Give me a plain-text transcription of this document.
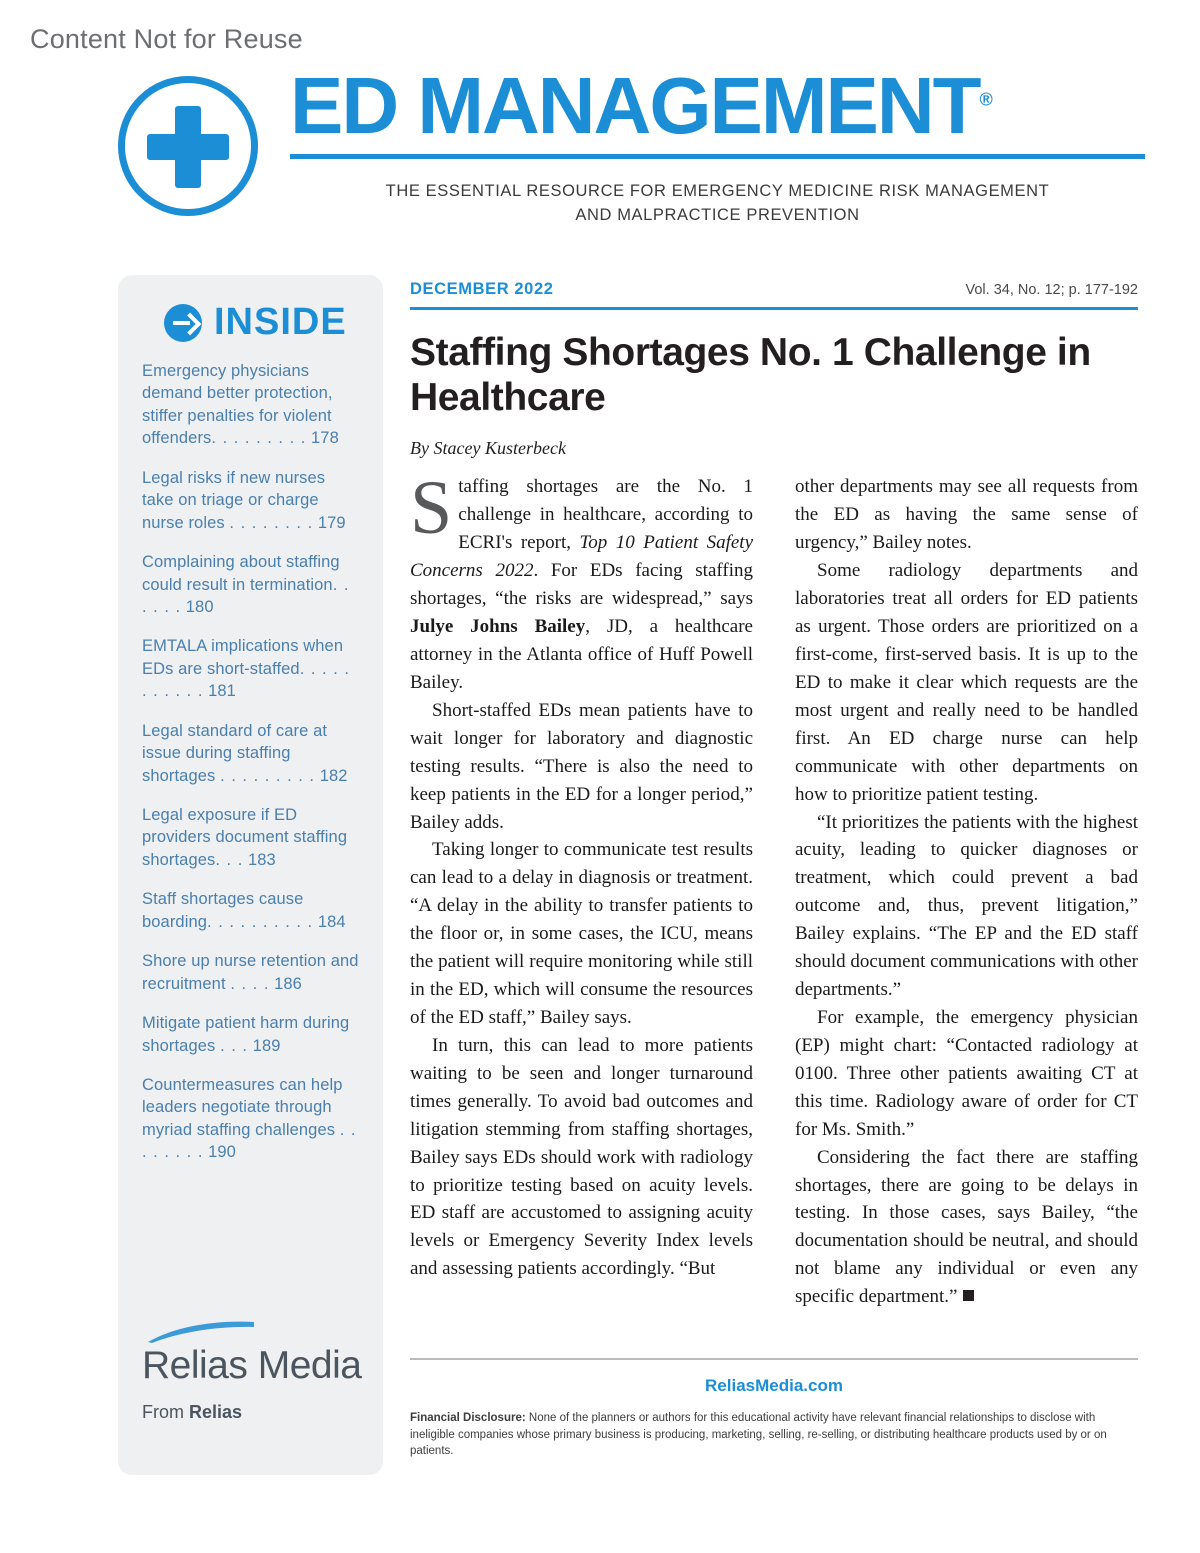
Content Not for Reuse
ED MANAGEMENT®
THE ESSENTIAL RESOURCE FOR EMERGENCY MEDICINE RISK MANAGEMENT
AND MALPRACTICE PREVENTION
INSIDE
Emergency physicians demand better protection, stiffer penalties for violent offenders. . . . . . . . . 178
Legal risks if new nurses take on triage or charge nurse roles . . . . . . . . 179
Complaining about staffing could result in termination. . . . . . 180
EMTALA implications when EDs are short-staffed. . . . . . . . . . . 181
Legal standard of care at issue during staffing shortages . . . . . . . . . 182
Legal exposure if ED providers document staffing shortages. . . 183
Staff shortages cause boarding. . . . . . . . . . 184
Shore up nurse retention and recruitment . . . . 186
Mitigate patient harm during shortages . . . 189
Countermeasures can help leaders negotiate through myriad staffing challenges . . . . . . . . 190
Relias Media
From Relias
DECEMBER 2022	Vol. 34, No. 12; p. 177-192
Staffing Shortages No. 1 Challenge in Healthcare
By Stacey Kusterbeck

Staffing shortages are the No. 1 challenge in healthcare, according to ECRI's report, Top 10 Patient Safety Concerns 2022. For EDs facing staffing shortages, “the risks are widespread,” says Julye Johns Bailey, JD, a healthcare attorney in the Atlanta office of Huff Powell Bailey.

Short-staffed EDs mean patients have to wait longer for laboratory and diagnostic testing results. “There is also the need to keep patients in the ED for a longer period,” Bailey adds.

Taking longer to communicate test results can lead to a delay in diagnosis or treatment. “A delay in the ability to transfer patients to the floor or, in some cases, the ICU, means the patient will require monitoring while still in the ED, which will consume the resources of the ED staff,” Bailey says.

In turn, this can lead to more patients waiting to be seen and longer turnaround times generally. To avoid bad outcomes and litigation stemming from staffing shortages, Bailey says EDs should work with radiology to prioritize testing based on acuity levels. ED staff are accustomed to assigning acuity levels or Emergency Severity Index levels and assessing patients accordingly. “But

other departments may see all requests from the ED as having the same sense of urgency,” Bailey notes.

Some radiology departments and laboratories treat all orders for ED patients as urgent. Those orders are prioritized on a first-come, first-served basis. It is up to the ED to make it clear which requests are the most urgent and really need to be handled first. An ED charge nurse can help communicate with other departments on how to prioritize patient testing.

“It prioritizes the patients with the highest acuity, leading to quicker diagnoses or treatment, which could prevent a bad outcome and, thus, prevent litigation,” Bailey explains. “The EP and the ED staff should document communications with other departments.”

For example, the emergency physician (EP) might chart: “Contacted radiology at 0100. Three other patients awaiting CT at this time. Radiology aware of order for CT for Ms. Smith.”

Considering the fact there are staffing shortages, there are going to be delays in testing. In those cases, says Bailey, “the documentation should be neutral, and should not blame any individual or even any specific department.”

ReliasMedia.com
Financial Disclosure: None of the planners or authors for this educational activity have relevant financial relationships to disclose with ineligible companies whose primary business is producing, marketing, selling, re-selling, or distributing healthcare products used by or on patients.
